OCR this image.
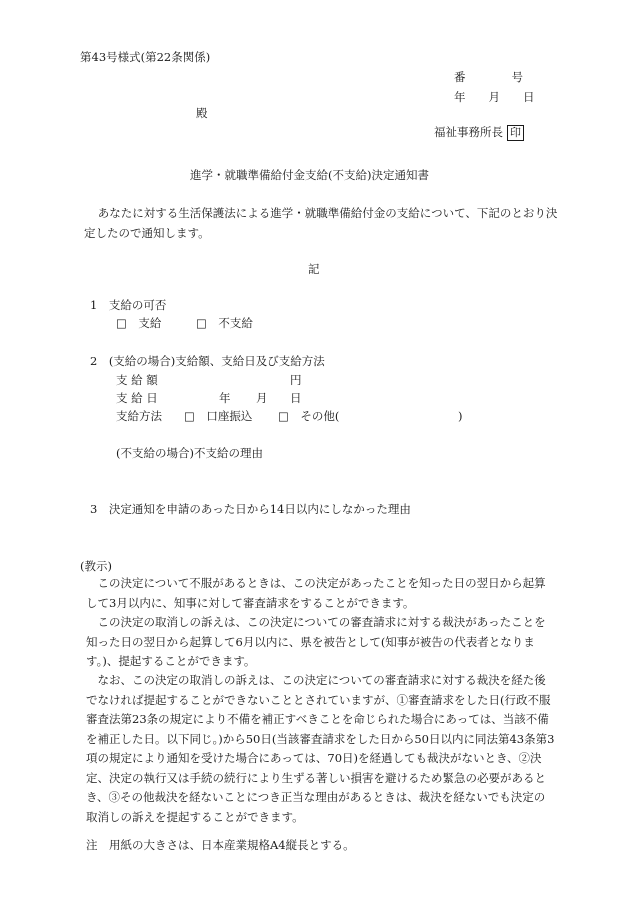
第43号様式(第22条関係)
番　　　　号
年　　月　　日
殿
福祉事務所長 印
進学・就職準備給付金支給(不支給)決定通知書

あなたに対する生活保護法による進学・就職準備給付金の支給について、下記のとおり決定したので通知します。

記
1　支給の可否
□　支給	□　不支給
2　(支給の場合)支給額、支給日及び支給方法
支 給 額	円
支 給 日	年 月 日
支給方法 □　口座振込 □　その他(	)
(不支給の場合)不支給の理由
3　決定通知を申請のあった日から14日以内にしなかった理由
(教示)

この決定について不服があるときは、この決定があったことを知った日の翌日から起算して3月以内に、知事に対して審査請求をすることができます。

この決定の取消しの訴えは、この決定についての審査請求に対する裁決があったことを知った日の翌日から起算して6月以内に、県を被告として(知事が被告の代表者となります。)、提起することができます。

なお、この決定の取消しの訴えは、この決定についての審査請求に対する裁決を経た後でなければ提起することができないこととされていますが、①審査請求をした日(行政不服審査法第23条の規定により不備を補正すべきことを命じられた場合にあっては、当該不備を補正した日。以下同じ。)から50日(当該審査請求をした日から50日以内に同法第43条第3項の規定により通知を受けた場合にあっては、70日)を経過しても裁決がないとき、②決定、決定の執行又は手続の続行により生ずる著しい損害を避けるため緊急の必要があるとき、③その他裁決を経ないことにつき正当な理由があるときは、裁決を経ないでも決定の取消しの訴えを提起することができます。

注　用紙の大きさは、日本産業規格A4縦長とする。
